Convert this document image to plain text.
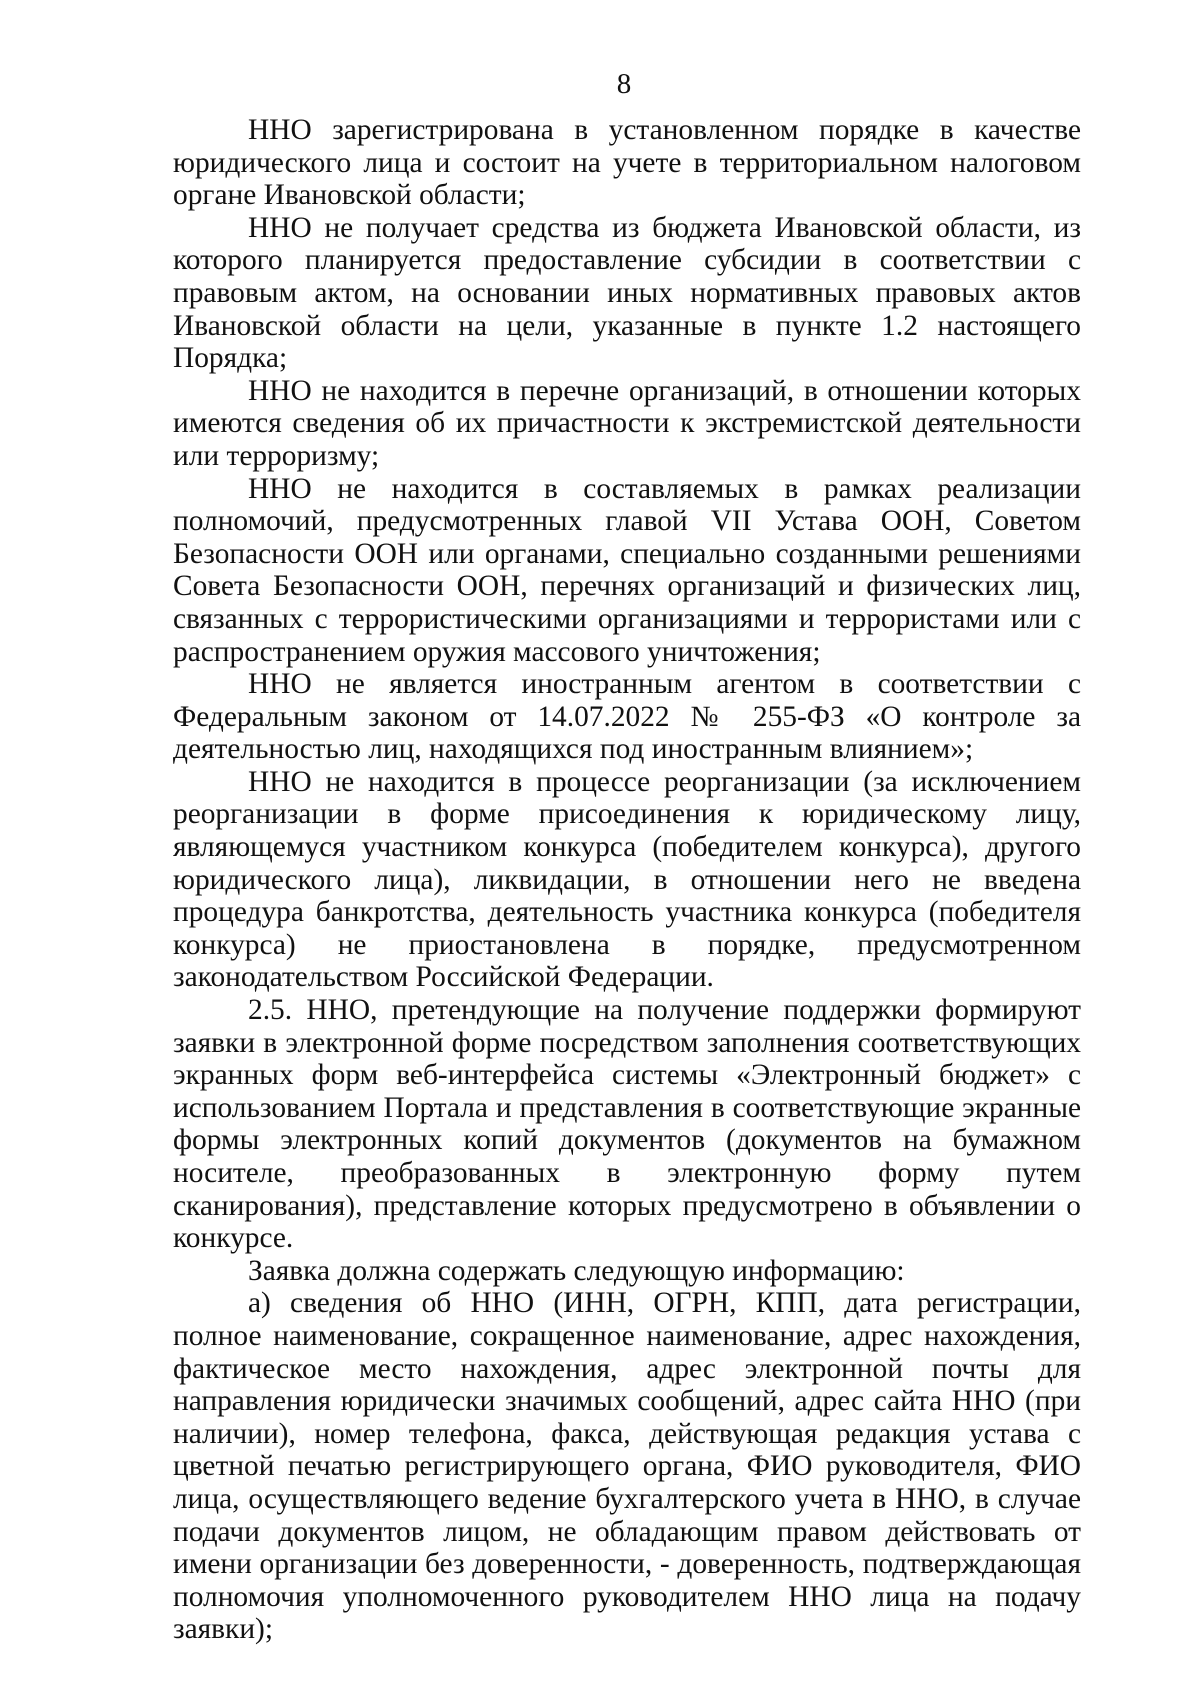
8

ННО зарегистрирована в установленном порядке в качестве юридического лица и состоит на учете в территориальном налоговом органе Ивановской области;

ННО не получает средства из бюджета Ивановской области, из которого планируется предоставление субсидии в соответствии с правовым актом, на основании иных нормативных правовых актов Ивановской области на цели, указанные в пункте 1.2 настоящего Порядка;

ННО не находится в перечне организаций, в отношении которых имеются сведения об их причастности к экстремистской деятельности или терроризму;

ННО не находится в составляемых в рамках реализации полномочий, предусмотренных главой VII Устава ООН, Советом Безопасности ООН или органами, специально созданными решениями Совета Безопасности ООН, перечнях организаций и физических лиц, связанных с террористическими организациями и террористами или с распространением оружия массового уничтожения;

ННО не является иностранным агентом в соответствии с Федеральным законом от 14.07.2022 № 255-ФЗ «О контроле за деятельностью лиц, находящихся под иностранным влиянием»;

ННО не находится в процессе реорганизации (за исключением реорганизации в форме присоединения к юридическому лицу, являющемуся участником конкурса (победителем конкурса), другого юридического лица), ликвидации, в отношении него не введена процедура банкротства, деятельность участника конкурса (победителя конкурса) не приостановлена в порядке, предусмотренном законодательством Российской Федерации.

2.5. ННО, претендующие на получение поддержки формируют заявки в электронной форме посредством заполнения соответствующих экранных форм веб-интерфейса системы «Электронный бюджет» с использованием Портала и представления в соответствующие экранные формы электронных копий документов (документов на бумажном носителе, преобразованных в электронную форму путем сканирования), представление которых предусмотрено в объявлении о конкурсе.

Заявка должна содержать следующую информацию:

а) сведения об ННО (ИНН, ОГРН, КПП, дата регистрации, полное наименование, сокращенное наименование, адрес нахождения, фактическое место нахождения, адрес электронной почты для направления юридически значимых сообщений, адрес сайта ННО (при наличии), номер телефона, факса, действующая редакция устава с цветной печатью регистрирующего органа, ФИО руководителя, ФИО лица, осуществляющего ведение бухгалтерского учета в ННО, в случае подачи документов лицом, не обладающим правом действовать от имени организации без доверенности, - доверенность, подтверждающая полномочия уполномоченного руководителем ННО лица на подачу заявки);
